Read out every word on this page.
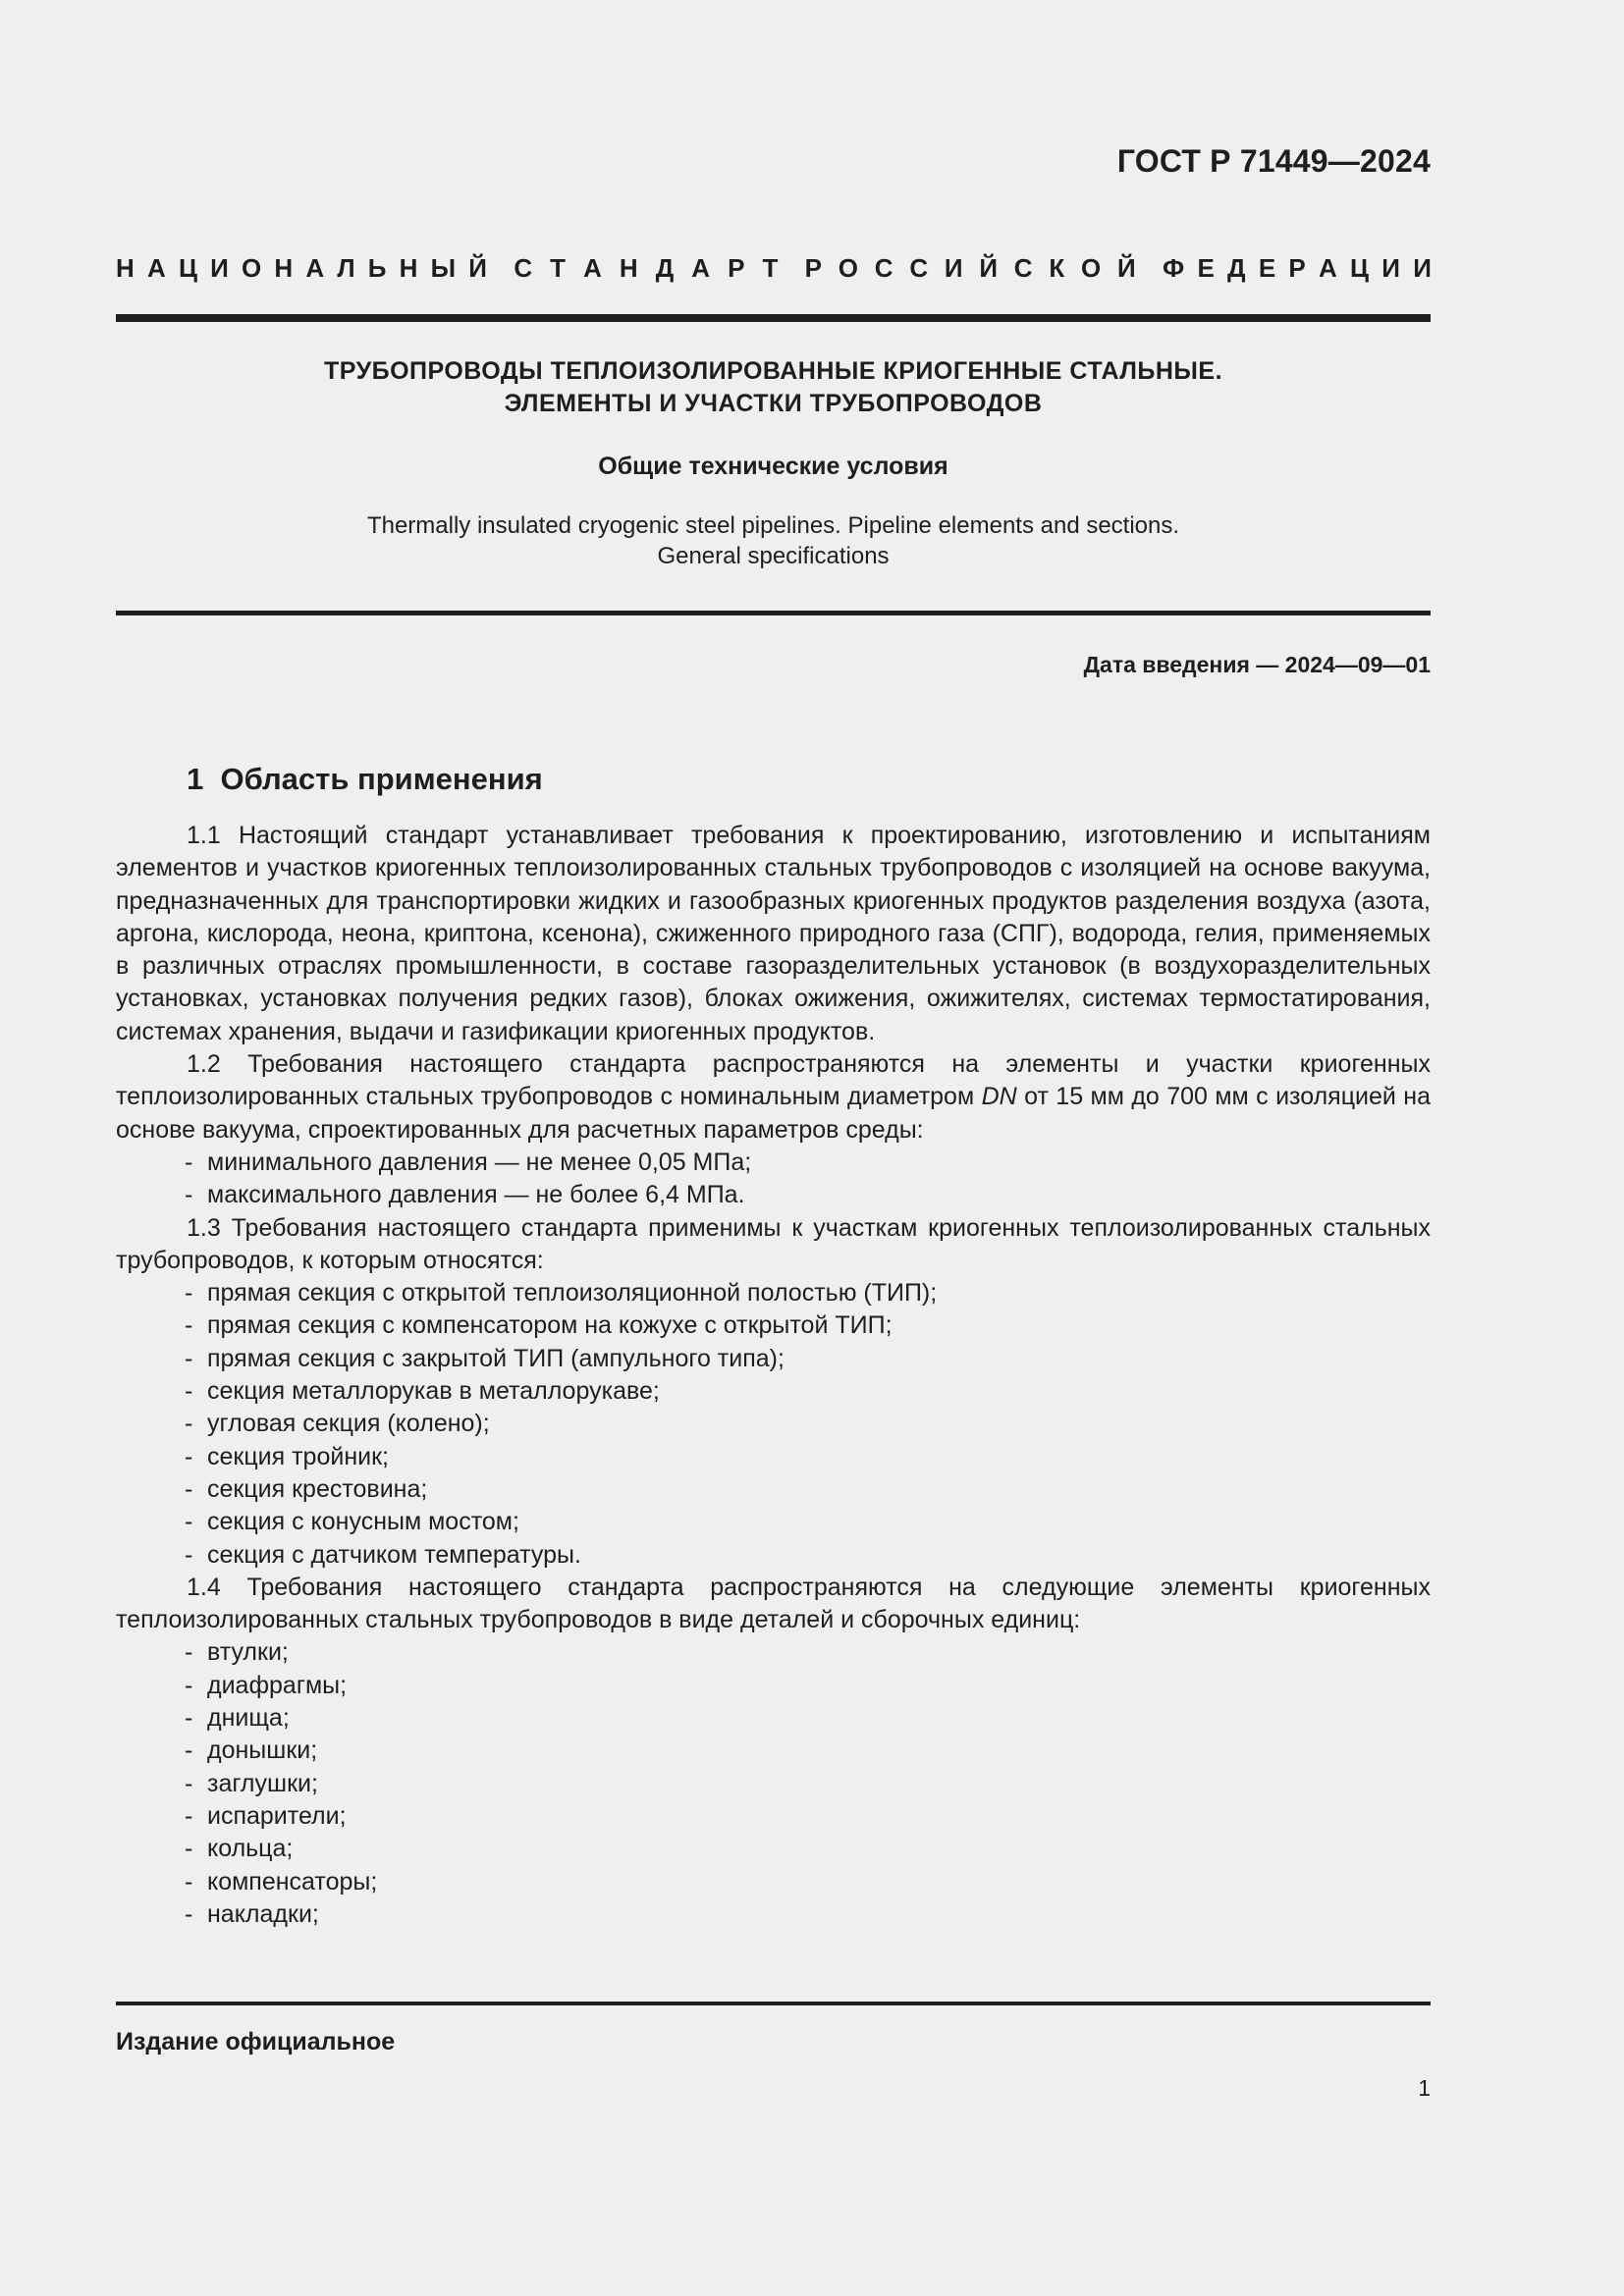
ГОСТ Р 71449—2024
Н А Ц И О Н А Л Ь Н Ы Й С Т А Н Д А Р Т Р О С С И Й С К О Й Ф Е Д Е Р А Ц И И
ТРУБОПРОВОДЫ ТЕПЛОИЗОЛИРОВАННЫЕ КРИОГЕННЫЕ СТАЛЬНЫЕ.
ЭЛЕМЕНТЫ И УЧАСТКИ ТРУБОПРОВОДОВ
Общие технические условия
Thermally insulated cryogenic steel pipelines. Pipeline elements and sections.
General specifications
Дата введения — 2024—09—01
1 Область применения

1.1 Настоящий стандарт устанавливает требования к проектированию, изготовлению и испытаниям элементов и участков криогенных теплоизолированных стальных трубопроводов с изоляцией на основе вакуума, предназначенных для транспортировки жидких и газообразных криогенных продуктов разделения воздуха (азота, аргона, кислорода, неона, криптона, ксенона), сжиженного природного газа (СПГ), водорода, гелия, применяемых в различных отраслях промышленности, в составе газоразделительных установок (в воздухоразделительных установках, установках получения редких газов), блоках ожижения, ожижителях, системах термостатирования, системах хранения, выдачи и газификации криогенных продуктов.

1.2 Требования настоящего стандарта распространяются на элементы и участки криогенных теплоизолированных стальных трубопроводов с номинальным диаметром DN от 15 мм до 700 мм с изоляцией на основе вакуума, спроектированных для расчетных параметров среды:

- минимального давления — не менее 0,05 МПа;
- максимального давления — не более 6,4 МПа.

1.3 Требования настоящего стандарта применимы к участкам криогенных теплоизолированных стальных трубопроводов, к которым относятся:

- прямая секция с открытой теплоизоляционной полостью (ТИП);
- прямая секция с компенсатором на кожухе с открытой ТИП;
- прямая секция с закрытой ТИП (ампульного типа);
- секция металлорукав в металлорукаве;
- угловая секция (колено);
- секция тройник;
- секция крестовина;
- секция с конусным мостом;
- секция с датчиком температуры.

1.4 Требования настоящего стандарта распространяются на следующие элементы криогенных теплоизолированных стальных трубопроводов в виде деталей и сборочных единиц:

- втулки;
- диафрагмы;
- днища;
- донышки;
- заглушки;
- испарители;
- кольца;
- компенсаторы;
- накладки;
Издание официальное
1
